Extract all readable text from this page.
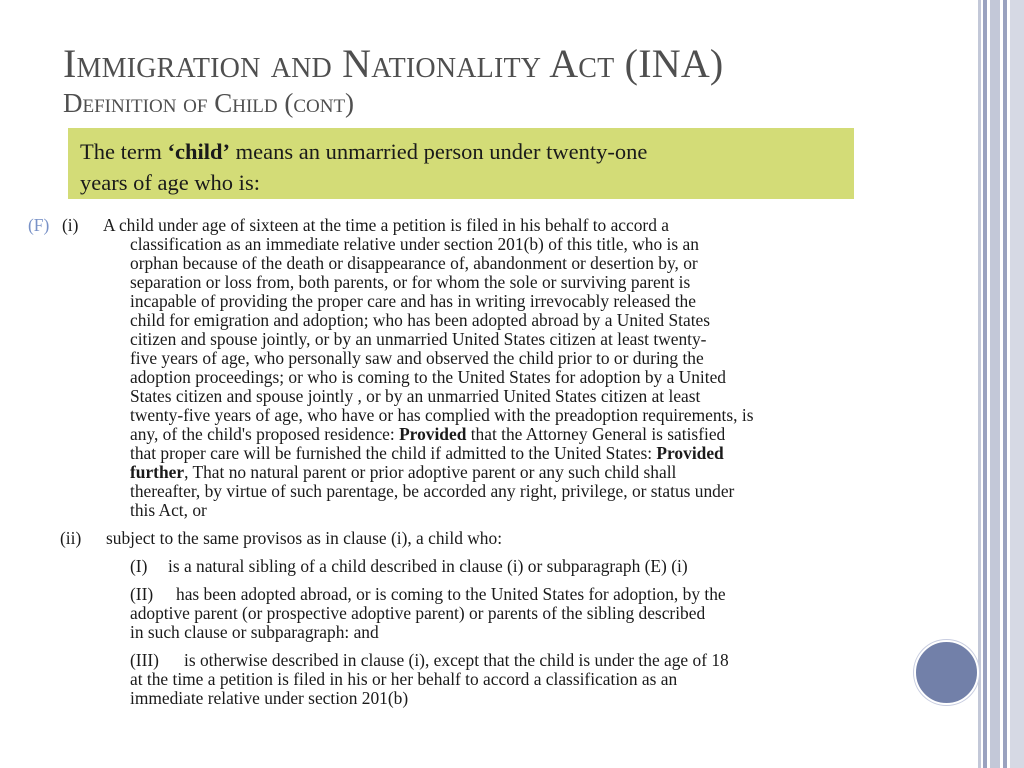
Immigration and Nationality Act (INA)
Definition of Child (cont)
The term ‘child’ means an unmarried person under twenty-one
years of age who is:
(F) (i) A child under age of sixteen at the time a petition is filed in his behalf to accord a
classification as an immediate relative under section 201(b) of this title, who is an
orphan because of the death or disappearance of, abandonment or desertion by, or
separation or loss from, both parents, or for whom the sole or surviving parent is
incapable of providing the proper care and has in writing irrevocably released the
child for emigration and adoption; who has been adopted abroad by a United States
citizen and spouse jointly, or by an unmarried United States citizen at least twenty-
five years of age, who personally saw and observed the child prior to or during the
adoption proceedings; or who is coming to the United States for adoption by a United
States citizen and spouse jointly , or by an unmarried United States citizen at least
twenty-five years of age, who have or has complied with the preadoption requirements, is
any, of the child's proposed residence: Provided that the Attorney General is satisfied
that proper care will be furnished the child if admitted to the United States: Provided
further, That no natural parent or prior adoptive parent or any such child shall
thereafter, by virtue of such parentage, be accorded any right, privilege, or status under
this Act, or
(ii) subject to the same provisos as in clause (i), a child who:
(I) is a natural sibling of a child described in clause (i) or subparagraph (E) (i)
(II) has been adopted abroad, or is coming to the United States for adoption, by the
adoptive parent (or prospective adoptive parent) or parents of the sibling described
in such clause or subparagraph: and
(III) is otherwise described in clause (i), except that the child is under the age of 18
at the time a petition is filed in his or her behalf to accord a classification as an
immediate relative under section 201(b)
